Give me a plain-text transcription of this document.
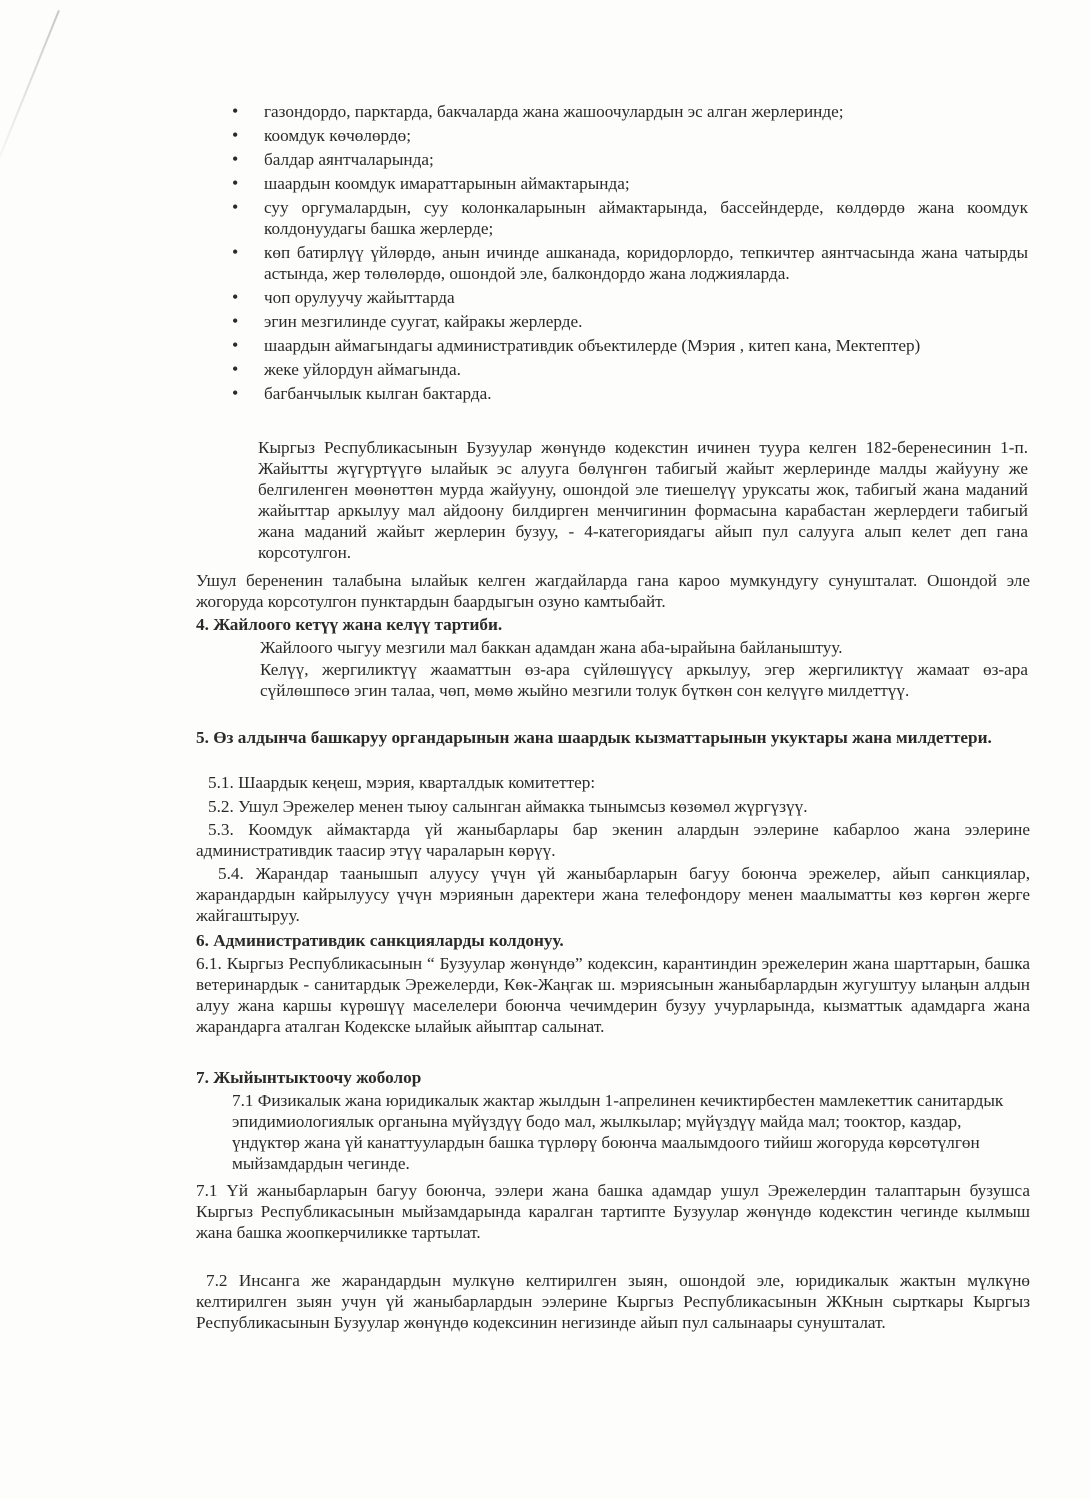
• газондордо, парктарда, бакчаларда жана жашоочулардын эс алган жерлеринде;
• коомдук көчөлөрдө;
• балдар аянтчаларында;
• шаардын коомдук имараттарынын аймактарында;
• суу оргумалардын, суу колонкаларынын аймактарында, бассейндерде, көлдөрдө жана коомдук колдонуудагы башка жерлерде;
• көп батирлүү үйлөрдө, анын ичинде ашканада, коридорлордо, тепкичтер аянтчасында жана чатырды астында, жер төлөлөрдө, ошондой эле, балкондордо жана лоджияларда.
• чоп орулуучу жайыттарда
• эгин мезгилинде суугат, кайракы жерлерде.
• шаардын аймагындагы административдик объектилерде (Мэрия , китеп кана, Мектептер)
• жеке уйлордун аймагында.
• багбанчылык кылган бактарда.

Кыргыз Республикасынын Бузуулар жөнүндө кодекстин ичинен туура келген 182-беренесинин 1-п. Жайытты жүгүртүүгө ылайык эс алууга бөлүнгөн табигый жайыт жерлеринде малды жайууну же белгиленген мөөнөттөн мурда жайууну, ошондой эле тиешелүү уруксаты жок, табигый жана маданий жайыттар аркылуу мал айдоону билдирген менчигинин формасына карабастан жерлердеги табигый жана маданий жайыт жерлерин бузуу, - 4-категориядагы айып пул салууга алып келет деп гана корсотулгон.

Ушул берененин талабына ылайык келген жагдайларда гана кароо мумкундугу сунушталат. Ошондой эле жогоруда корсотулгон пунктардын баардыгын озуно камтыбайт.

4. Жайлоого кетүү жана келүү тартиби.

Жайлоого чыгуу мезгили мал баккан адамдан жана аба-ырайына байланыштуу.

Келүү, жергиликтүү жааматтын өз-ара сүйлөшүүсү аркылуу, эгер жергиликтүү жамаат өз-ара сүйлөшпөсө эгин талаа, чөп, мөмө жыйно мезгили толук бүткөн сон келүүгө милдеттүү.

5. Өз алдынча башкаруу органдарынын жана шаардык кызматтарынын укуктары жана милдеттери.

5.1. Шаардык кеңеш, мэрия, кварталдык комитеттер:

5.2. Ушул Эрежелер менен тыюу салынган аймакка тынымсыз көзөмөл жүргүзүү.

5.3. Коомдук аймактарда үй жаныбарлары бар экенин алардын ээлерине кабарлоо жана ээлерине административдик таасир этүү чараларын көрүү.

5.4. Жарандар таанышып алуусу үчүн үй жаныбарларын багуу боюнча эрежелер, айып санкциялар, жарандардын кайрылуусу үчүн мэриянын даректери жана телефондору менен маалыматты көз көргөн жерге жайгаштыруу.

6. Административдик санкцияларды колдонуу.

6.1. Кыргыз Республикасынын “ Бузуулар жөнүндө” кодексин, карантиндин эрежелерин жана шарттарын, башка ветеринардык - санитардык Эрежелерди, Көк-Жаңгак ш. мэриясынын жаныбарлардын жугуштуу ылаңын алдын алуу жана каршы күрөшүү маселелери боюнча чечимдерин бузуу учурларында, кызматтык адамдарга жана жарандарга аталган Кодекске ылайык айыптар салынат.

7. Жыйынтыктоочу жоболор

7.1 Физикалык жана юридикалык жактар жылдын 1-апрелинен кечиктирбестен мамлекеттик санитардык эпидимиологиялык органына мүйүздүү бодо мал, жылкылар; мүйүздүү майда мал; тооктор, каздар, үндүктөр жана үй канаттуулардын башка түрлөрү боюнча маалымдоого тийиш жогоруда көрсөтүлгөн мыйзамдардын чегинде.

7.1 Үй жаныбарларын багуу боюнча, ээлери жана башка адамдар ушул Эрежелердин талаптарын бузушса Кыргыз Республикасынын мыйзамдарында каралган тартипте Бузуулар жөнүндө кодекстин чегинде кылмыш жана башка жоопкерчиликке тартылат.

7.2 Инсанга же жарандардын мулкүнө келтирилген зыян, ошондой эле, юридикалык жактын мүлкүнө келтирилген зыян учун үй жаныбарлардын ээлерине Кыргыз Республикасынын ЖКнын сырткары Кыргыз Республикасынын Бузуулар жөнүндө кодексинин негизинде айып пул салынаары сунушталат.
